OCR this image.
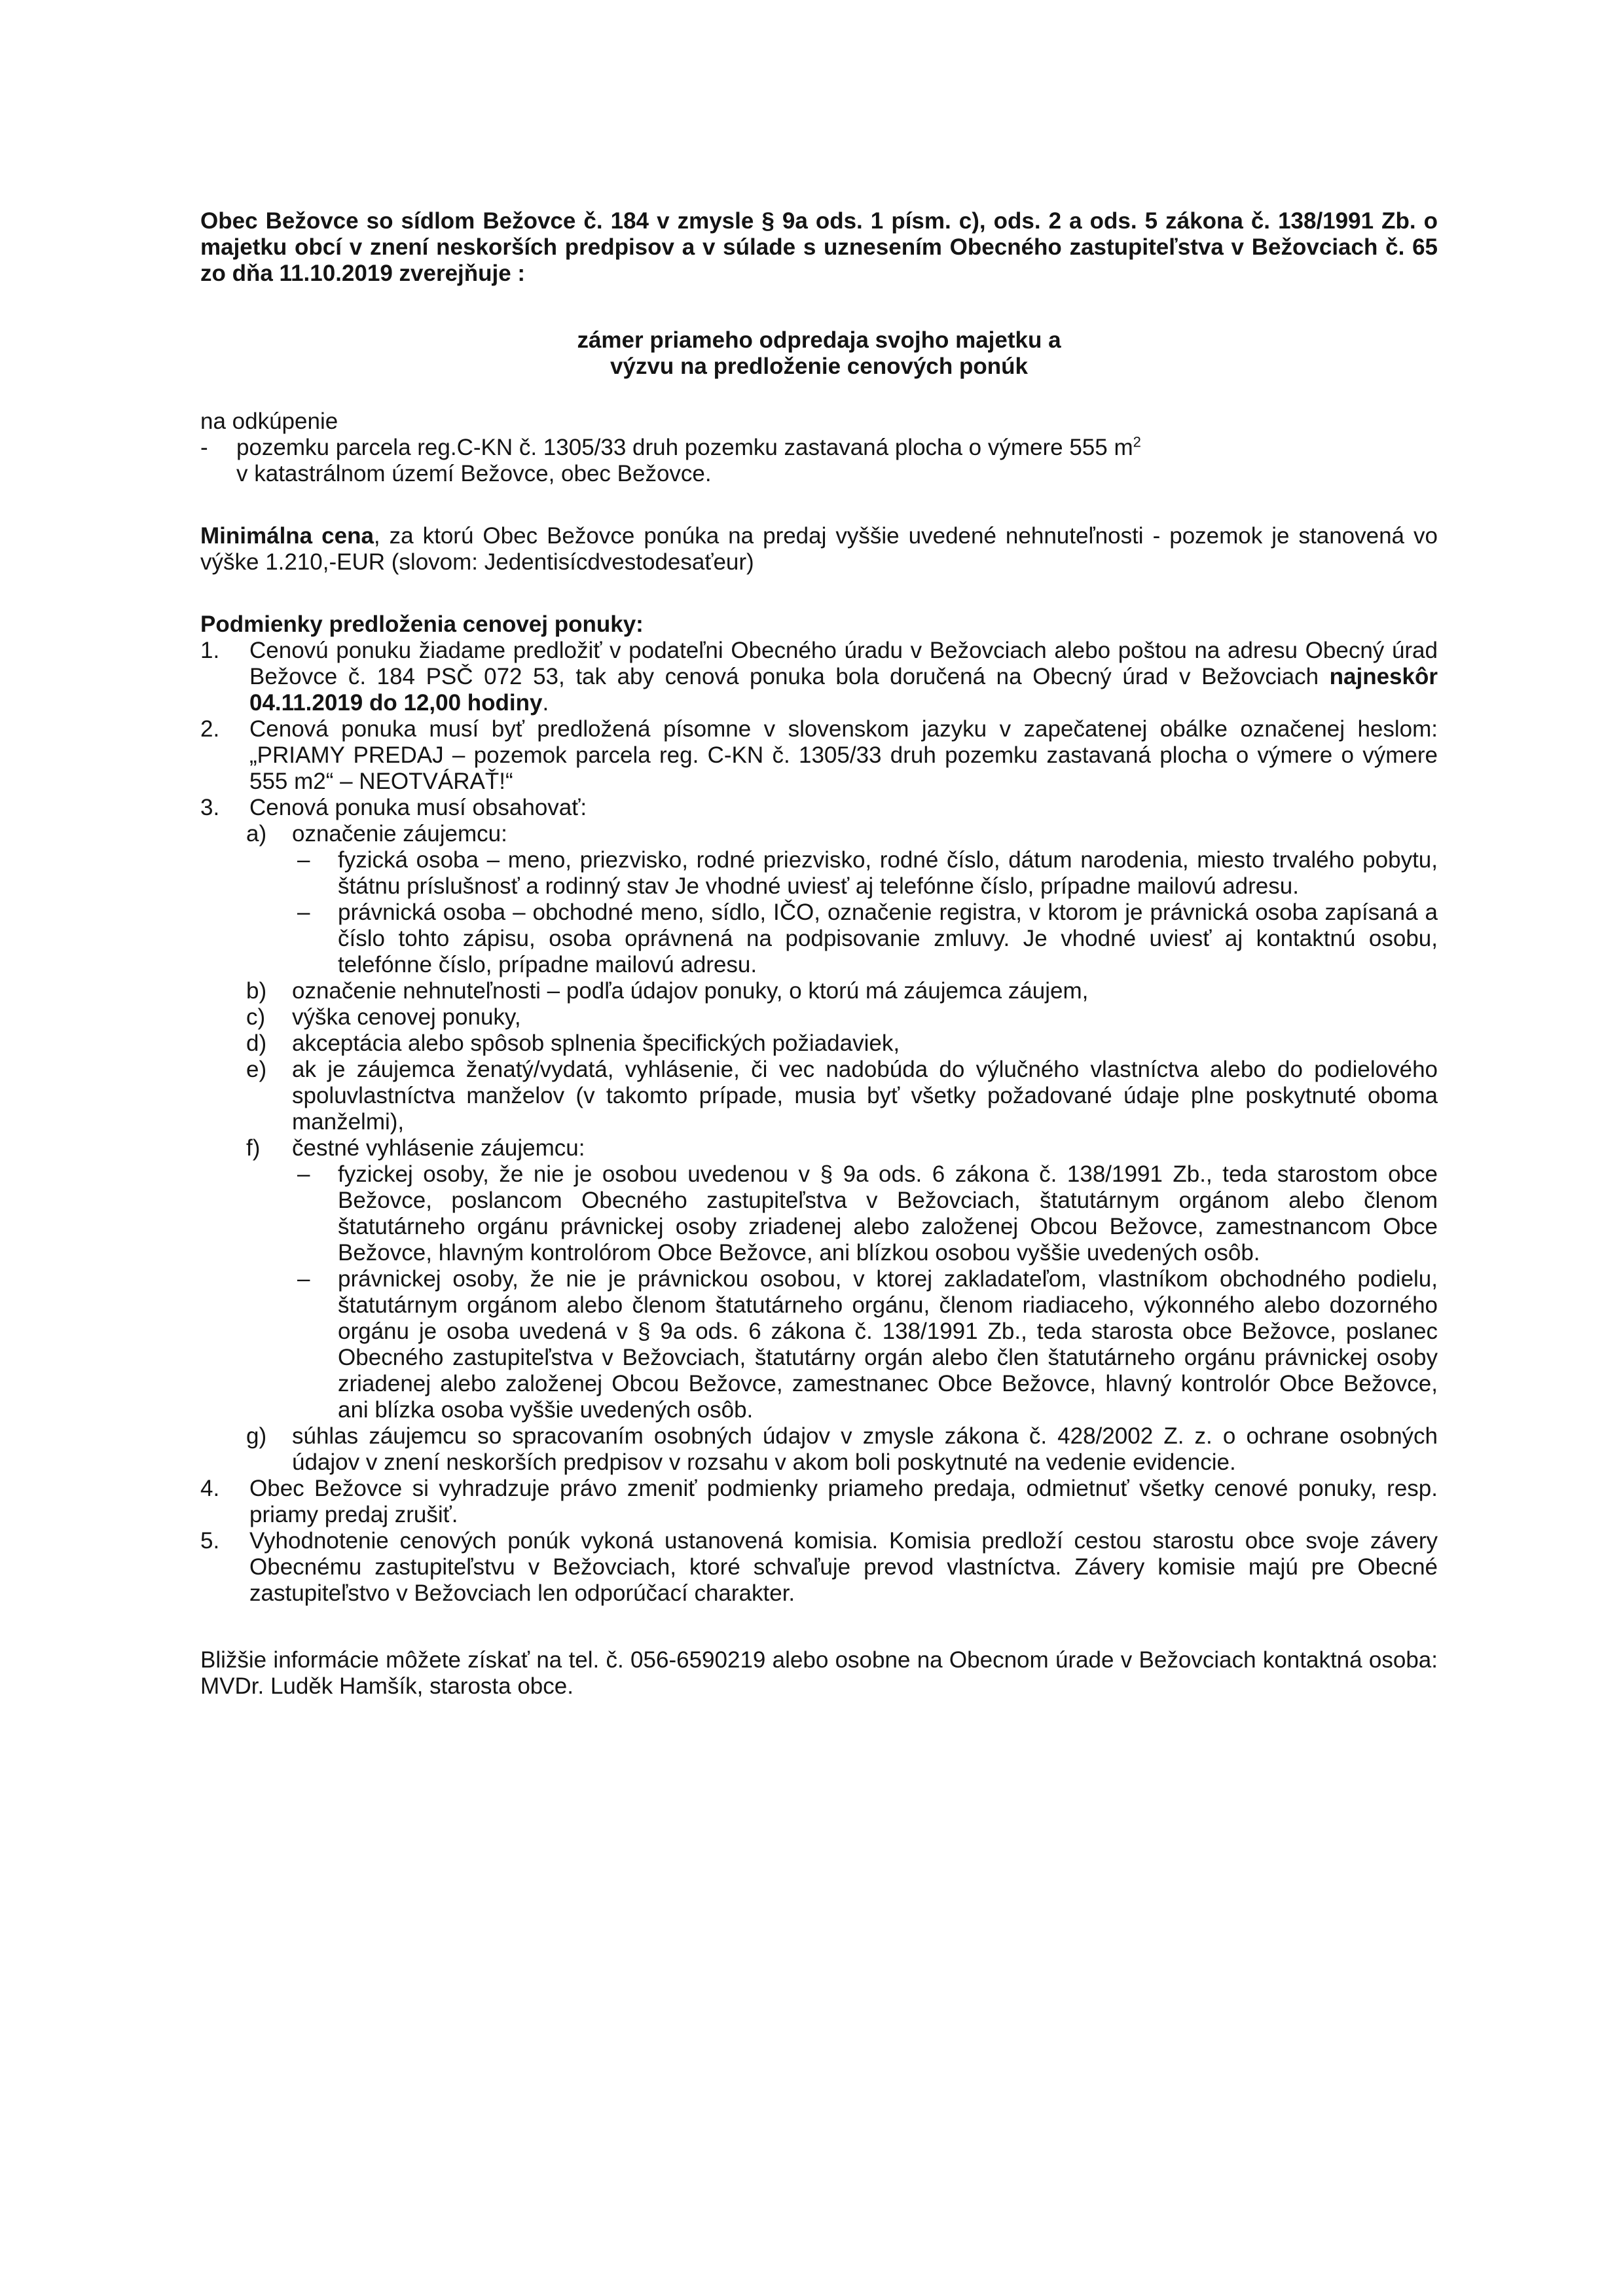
Obec Bežovce so sídlom Bežovce č. 184 v zmysle § 9a ods. 1 písm. c), ods. 2 a ods. 5 zákona č. 138/1991 Zb. o majetku obcí v znení neskorších predpisov a v súlade s uznesením Obecného zastupiteľstva v Bežovciach č. 65 zo dňa 11.10.2019 zverejňuje :
zámer priameho odpredaja svojho majetku a
výzvu na predloženie cenových ponúk
na odkúpenie
- pozemku parcela reg.C-KN č. 1305/33 druh pozemku zastavaná plocha o výmere 555 $m^2$
v katastrálnom území Bežovce, obec Bežovce.
Minimálna cena, za ktorú Obec Bežovce ponúka na predaj vyššie uvedené nehnuteľnosti - pozemok je stanovená vo výške 1.210,-EUR (slovom: Jedentisícdvestodesaťeur)
Podmienky predloženia cenovej ponuky:
1. Cenovú ponuku žiadame predložiť v podateľni Obecného úradu v Bežovciach alebo poštou na adresu Obecný úrad Bežovce č. 184 PSČ 072 53, tak aby cenová ponuka bola doručená na Obecný úrad v Bežovciach najneskôr 04.11.2019 do 12,00 hodiny.
2. Cenová ponuka musí byť predložená písomne v slovenskom jazyku v zapečatenej obálke označenej heslom: „PRIAMY PREDAJ – pozemok parcela reg. C-KN č. 1305/33 druh pozemku zastavaná plocha o výmere o výmere 555 m2“ – NEOTVÁRAŤ!“
3. Cenová ponuka musí obsahovať:
a) označenie záujemcu:
– fyzická osoba – meno, priezvisko, rodné priezvisko, rodné číslo, dátum narodenia, miesto trvalého pobytu, štátnu príslušnosť a rodinný stav Je vhodné uviesť aj telefónne číslo, prípadne mailovú adresu.
– právnická osoba – obchodné meno, sídlo, IČO, označenie registra, v ktorom je právnická osoba zapísaná a číslo tohto zápisu, osoba oprávnená na podpisovanie zmluvy. Je vhodné uviesť aj kontaktnú osobu, telefónne číslo, prípadne mailovú adresu.
b) označenie nehnuteľnosti – podľa údajov ponuky, o ktorú má záujemca záujem,
c) výška cenovej ponuky,
d) akceptácia alebo spôsob splnenia špecifických požiadaviek,
e) ak je záujemca ženatý/vydatá, vyhlásenie, či vec nadobúda do výlučného vlastníctva alebo do podielového spoluvlastníctva manželov (v takomto prípade, musia byť všetky požadované údaje plne poskytnuté oboma manželmi),
f) čestné vyhlásenie záujemcu:
– fyzickej osoby, že nie je osobou uvedenou v § 9a ods. 6 zákona č. 138/1991 Zb., teda starostom obce Bežovce, poslancom Obecného zastupiteľstva v Bežovciach, štatutárnym orgánom alebo členom štatutárneho orgánu právnickej osoby zriadenej alebo založenej Obcou Bežovce, zamestnancom Obce Bežovce, hlavným kontrolórom Obce Bežovce, ani blízkou osobou vyššie uvedených osôb.
– právnickej osoby, že nie je právnickou osobou, v ktorej zakladateľom, vlastníkom obchodného podielu, štatutárnym orgánom alebo členom štatutárneho orgánu, členom riadiaceho, výkonného alebo dozorného orgánu je osoba uvedená v § 9a ods. 6 zákona č. 138/1991 Zb., teda starosta obce Bežovce, poslanec Obecného zastupiteľstva v Bežovciach, štatutárny orgán alebo člen štatutárneho orgánu právnickej osoby zriadenej alebo založenej Obcou Bežovce, zamestnanec Obce Bežovce, hlavný kontrolór Obce Bežovce, ani blízka osoba vyššie uvedených osôb.
g) súhlas záujemcu so spracovaním osobných údajov v zmysle zákona č. 428/2002 Z. z. o ochrane osobných údajov v znení neskorších predpisov v rozsahu v akom boli poskytnuté na vedenie evidencie.
4. Obec Bežovce si vyhradzuje právo zmeniť podmienky priameho predaja, odmietnuť všetky cenové ponuky, resp. priamy predaj zrušiť.
5. Vyhodnotenie cenových ponúk vykoná ustanovená komisia. Komisia predloží cestou starostu obce svoje závery Obecnému zastupiteľstvu v Bežovciach, ktoré schvaľuje prevod vlastníctva. Závery komisie majú pre Obecné zastupiteľstvo v Bežovciach len odporúčací charakter.
Bližšie informácie môžete získať na tel. č. 056-6590219 alebo osobne na Obecnom úrade v Bežovciach kontaktná osoba: MVDr. Luděk Hamšík, starosta obce.
